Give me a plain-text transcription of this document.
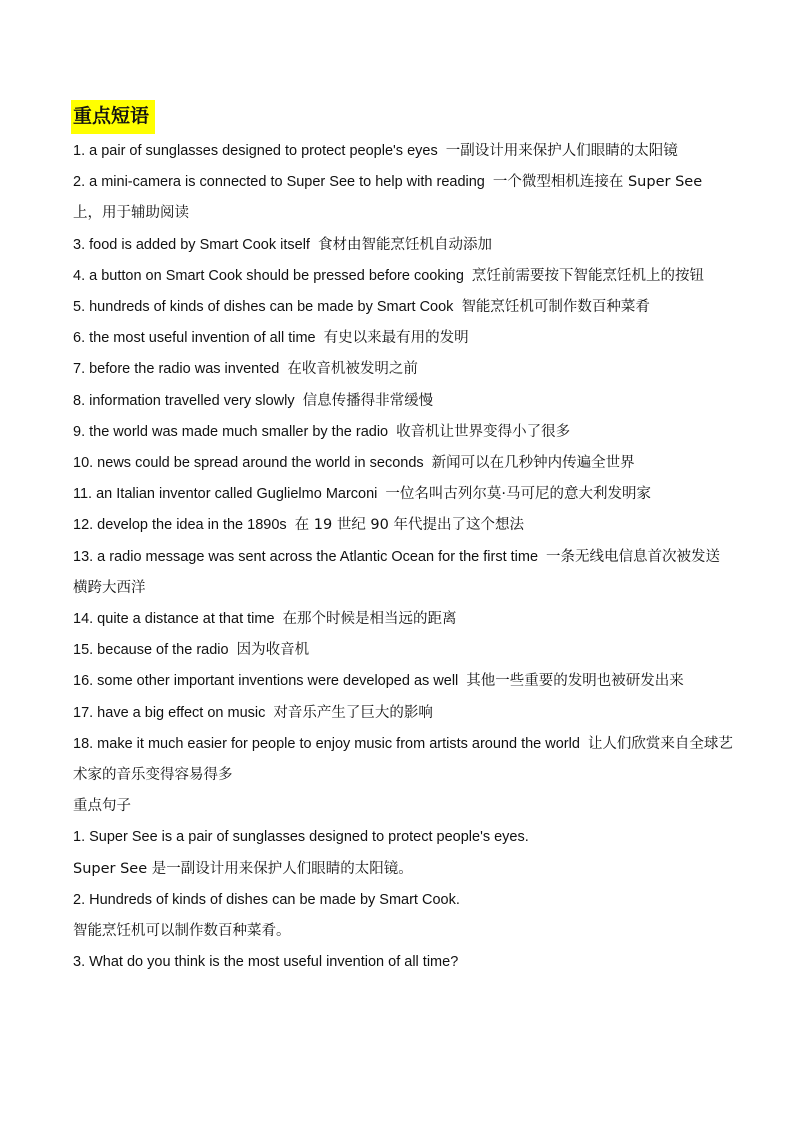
重点短语
1. a pair of sunglasses designed to protect people's eyes 一副设计用来保护人们眼睛的太阳镜
2. a mini-camera is connected to Super See to help with reading 一个微型相机连接在 Super See 上，用于辅助阅读
3. food is added by Smart Cook itself 食材由智能烹饪机自动添加
4. a button on Smart Cook should be pressed before cooking 烹饪前需要按下智能烹饪机上的按钮
5. hundreds of kinds of dishes can be made by Smart Cook 智能烹饪机可制作数百种菜肴
6. the most useful invention of all time 有史以来最有用的发明
7. before the radio was invented 在收音机被发明之前
8. information travelled very slowly 信息传播得非常缓慢
9. the world was made much smaller by the radio 收音机让世界变得小了很多
10. news could be spread around the world in seconds 新闻可以在几秒钟内传遍全世界
11. an Italian inventor called Guglielmo Marconi 一位名叫古列尔莫·马可尼的意大利发明家
12. develop the idea in the 1890s 在 19 世纪 90 年代提出了这个想法
13. a radio message was sent across the Atlantic Ocean for the first time 一条无线电信息首次被发送横跨大西洋
14. quite a distance at that time 在那个时候是相当远的距离
15. because of the radio 因为收音机
16. some other important inventions were developed as well 其他一些重要的发明也被研发出来
17. have a big effect on music 对音乐产生了巨大的影响
18. make it much easier for people to enjoy music from artists around the world 让人们欣赏来自全球艺术家的音乐变得容易得多
重点句子
1. Super See is a pair of sunglasses designed to protect people's eyes.
Super See 是一副设计用来保护人们眼睛的太阳镜。
2. Hundreds of kinds of dishes can be made by Smart Cook.
智能烹饪机可以制作数百种菜肴。
3. What do you think is the most useful invention of all time?
